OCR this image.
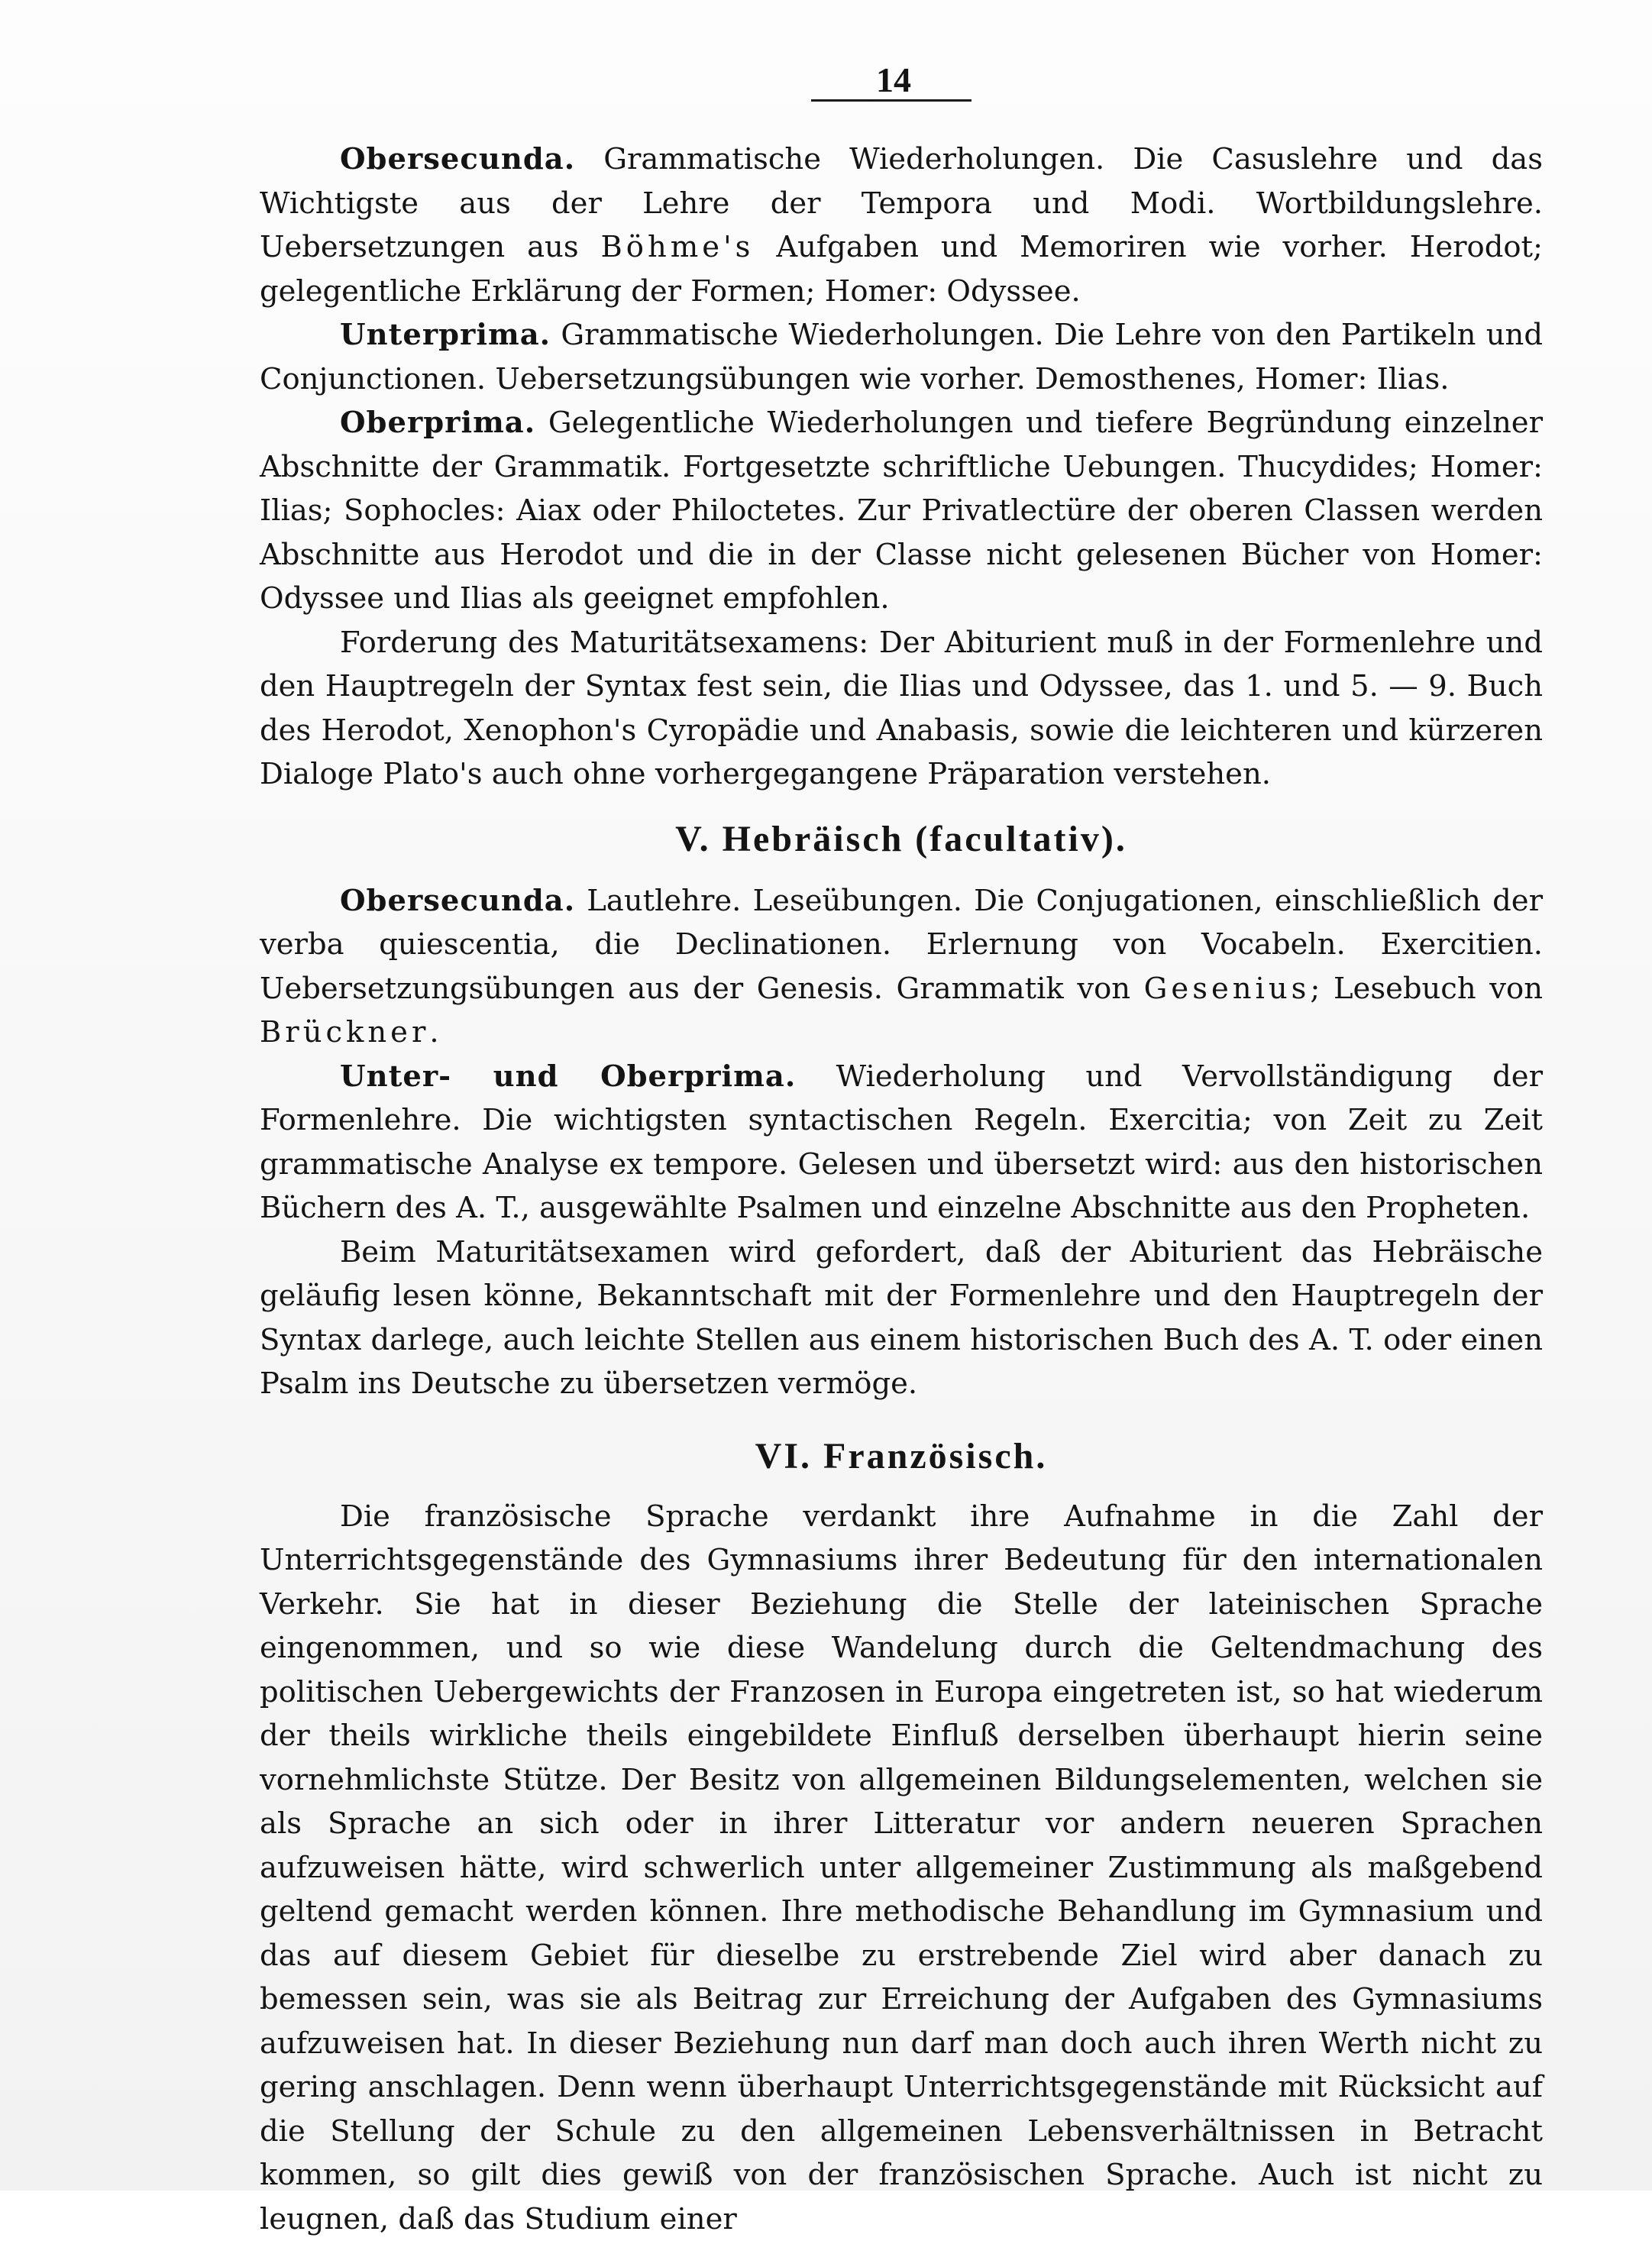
14

Obersecunda. Grammatische Wiederholungen. Die Casuslehre und das Wichtigste aus der Lehre der Tempora und Modi. Wortbildungslehre. Uebersetzungen aus Böhme's Aufgaben und Memoriren wie vorher. Herodot; gelegentliche Erklärung der Formen; Homer: Odyssee.

Unterprima. Grammatische Wiederholungen. Die Lehre von den Partikeln und Conjunctionen. Uebersetzungsübungen wie vorher. Demosthenes, Homer: Ilias.

Oberprima. Gelegentliche Wiederholungen und tiefere Begründung einzelner Abschnitte der Grammatik. Fortgesetzte schriftliche Uebungen. Thucydides; Homer: Ilias; Sophocles: Aiax oder Philoctetes. Zur Privatlectüre der oberen Classen werden Abschnitte aus Herodot und die in der Classe nicht gelesenen Bücher von Homer: Odyssee und Ilias als geeignet empfohlen.

Forderung des Maturitätsexamens: Der Abiturient muß in der Formenlehre und den Hauptregeln der Syntax fest sein, die Ilias und Odyssee, das 1. und 5. — 9. Buch des Herodot, Xenophon's Cyropädie und Anabasis, sowie die leichteren und kürzeren Dialoge Plato's auch ohne vorhergegangene Präparation verstehen.

V. Hebräisch (facultativ).

Obersecunda. Lautlehre. Leseübungen. Die Conjugationen, einschließlich der verba quiescentia, die Declinationen. Erlernung von Vocabeln. Exercitien. Uebersetzungsübungen aus der Genesis. Grammatik von Gesenius; Lesebuch von Brückner.

Unter- und Oberprima. Wiederholung und Vervollständigung der Formenlehre. Die wichtigsten syntactischen Regeln. Exercitia; von Zeit zu Zeit grammatische Analyse ex tempore. Gelesen und übersetzt wird: aus den historischen Büchern des A. T., ausgewählte Psalmen und einzelne Abschnitte aus den Propheten.

Beim Maturitätsexamen wird gefordert, daß der Abiturient das Hebräische geläufig lesen könne, Bekanntschaft mit der Formenlehre und den Hauptregeln der Syntax darlege, auch leichte Stellen aus einem historischen Buch des A. T. oder einen Psalm ins Deutsche zu übersetzen vermöge.

VI. Französisch.

Die französische Sprache verdankt ihre Aufnahme in die Zahl der Unterrichtsgegenstände des Gymnasiums ihrer Bedeutung für den internationalen Verkehr. Sie hat in dieser Beziehung die Stelle der lateinischen Sprache eingenommen, und so wie diese Wandelung durch die Geltendmachung des politischen Uebergewichts der Franzosen in Europa eingetreten ist, so hat wiederum der theils wirkliche theils eingebildete Einfluß derselben überhaupt hierin seine vornehmlichste Stütze. Der Besitz von allgemeinen Bildungselementen, welchen sie als Sprache an sich oder in ihrer Litteratur vor andern neueren Sprachen aufzuweisen hätte, wird schwerlich unter allgemeiner Zustimmung als maßgebend geltend gemacht werden können. Ihre methodische Behandlung im Gymnasium und das auf diesem Gebiet für dieselbe zu erstrebende Ziel wird aber danach zu bemessen sein, was sie als Beitrag zur Erreichung der Aufgaben des Gymnasiums aufzuweisen hat. In dieser Beziehung nun darf man doch auch ihren Werth nicht zu gering anschlagen. Denn wenn überhaupt Unterrichtsgegenstände mit Rücksicht auf die Stellung der Schule zu den allgemeinen Lebensverhältnissen in Betracht kommen, so gilt dies gewiß von der französischen Sprache. Auch ist nicht zu leugnen, daß das Studium einer
